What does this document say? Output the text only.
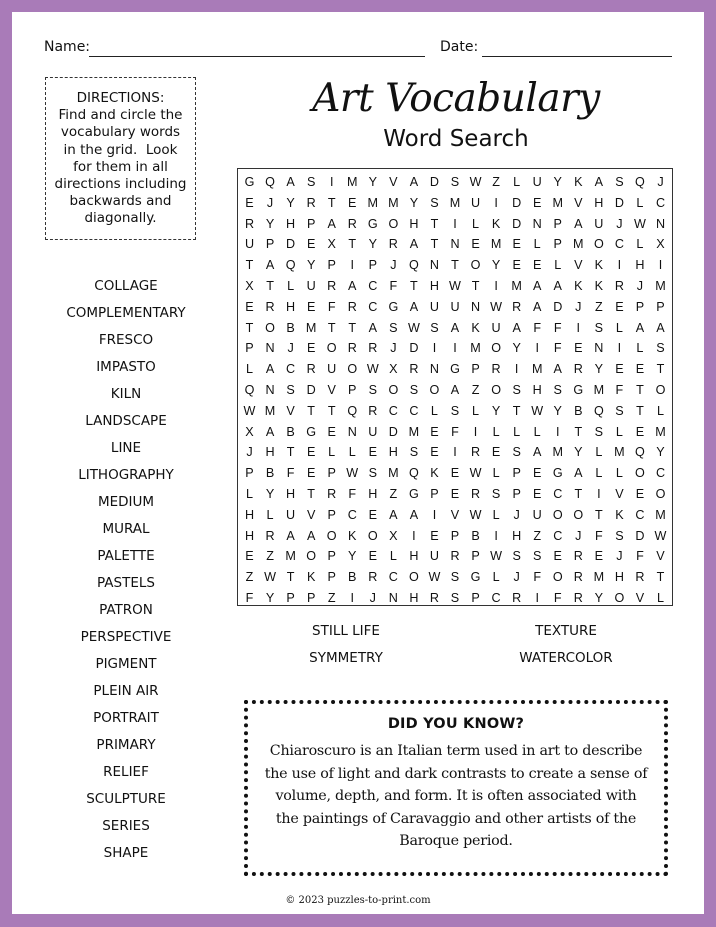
Name:	Date:
DIRECTIONS:
Find and circle the
vocabulary words
in the grid.  Look
for them in all
directions including
backwards and
diagonally.
Art Vocabulary
Word Search
COLLAGE
COMPLEMENTARY
FRESCO
IMPASTO
KILN
LANDSCAPE
LINE
LITHOGRAPHY
MEDIUM
MURAL
PALETTE
PASTELS
PATRON
PERSPECTIVE
PIGMENT
PLEIN AIR
PORTRAIT
PRIMARY
RELIEF
SCULPTURE
SERIES
SHAPE
G Q A S	I	M Y V A D S W Z	L U Y K A S Q J
E	J	Y R T E M M Y S M U	I	D E M V H D L C
R Y H P A R G O H T	I	L	K D N P A U	J W N
U P D E X T Y R A T N E M E	L	P M O C L	X
T A Q Y P	I	P	J Q N T O Y E E	L	V K	I	H	I
X T	L U R A C F	T H W T	I	M A A K K R	J M
E R H E F R C G A U U N W R A D	J	Z E P P
T O B M T	T A S W S A K U A F	F	I	S	L	A A
P N	J	E O R R	J	D	I	I	M O Y	I	F E N	I	L	S
L	A C R U O W X R N G P R	I	M A R Y E E T
Q N S D V P S O S O A Z O S H S G M F	T O
W M V T	T Q R C C L	S	L	Y T W Y B Q S T	L
X A B G E N U D M E F	I	L	L	L	I	T S	L	E M
J	H T E	L	L	E H S E	I	R E S A M Y	L M Q Y
P B F E P W S M Q K E W L	P E G A	L	L O C
L	Y H T R F H Z G P E R S P E C T	I	V E O
H L U V P C E A A	I	V W L	J	U O O T K C M
H R A A O K O X	I	E P B	I	H Z C	J	F S D W
E Z M O P Y E	L H U R P W S S E R E	J	F V
Z W T K P B R C O W S G L	J	F O R M H R T
F Y P P Z	I	J	N H R S P C R	I	F R Y O V	L
STILL LIFE	TEXTURE
SYMMETRY	WATERCOLOR
DID YOU KNOW?
Chiaroscuro is an Italian term used in art to describe
the use of light and dark contrasts to create a sense of
volume, depth, and form. It is often associated with
the paintings of Caravaggio and other artists of the
Baroque period.
© 2023 puzzles-to-print.com
